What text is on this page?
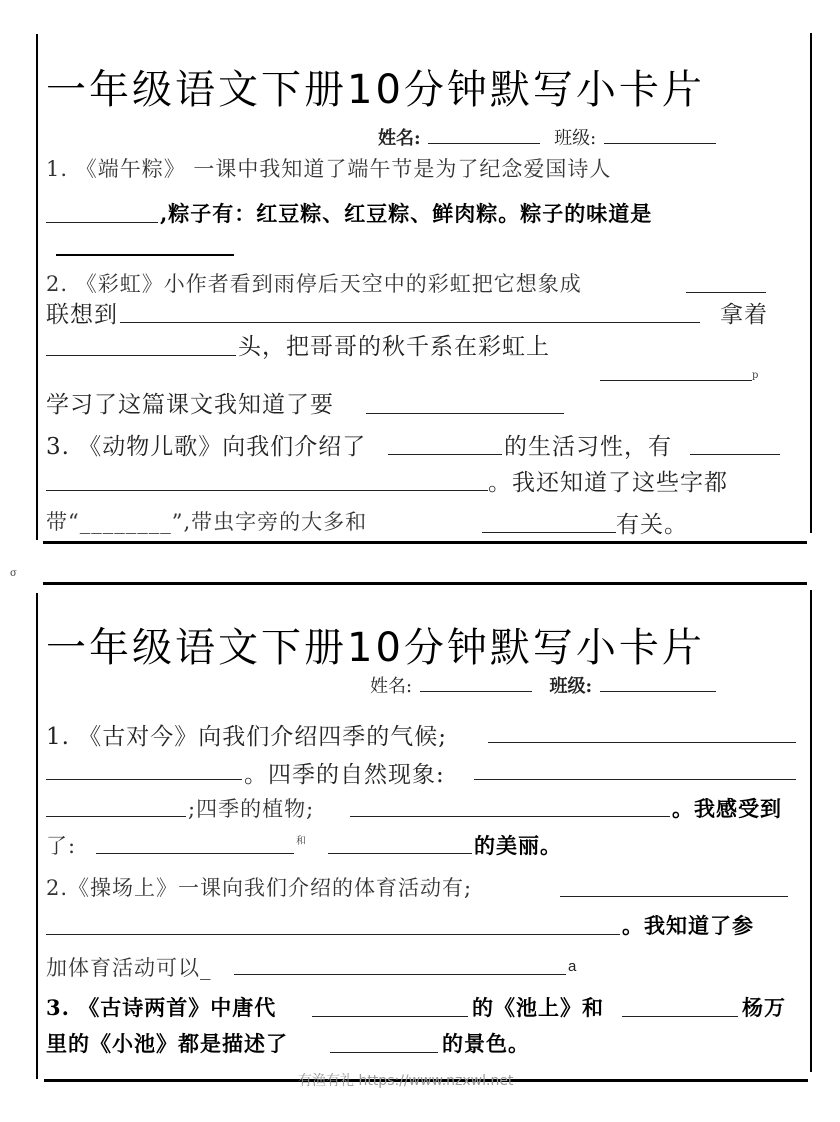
一年级语文下册10分钟默写小卡片
姓名:	班级:
1. 《端午粽》 一课中我知道了端午节是为了纪念爱国诗人
,粽子有：红豆粽、红豆粽、鲜肉粽。粽子的味道是
2. 《彩虹》小作者看到雨停后天空中的彩虹把它想象成
联想到	拿着
头，把哥哥的秋千系在彩虹上
p
学习了这篇课文我知道了要
3. 《动物儿歌》向我们介绍了	的生活习性，有
。我还知道了这些字都
带“________”,带虫字旁的大多和	有关。
σ
一年级语文下册10分钟默写小卡片
姓名:	班级:
1. 《古对今》向我们介绍四季的气候;
。四季的自然现象:
;四季的植物;	。我感受到
了:	和	的美丽。
2.《操场上》一课向我们介绍的体育活动有;
。我知道了参
加体育活动可以_	a
3. 《古诗两首》中唐代	的《池上》和	杨万
里的《小池》都是描述了	的景色。
有渔有礼 https://www.nzxwl.net
